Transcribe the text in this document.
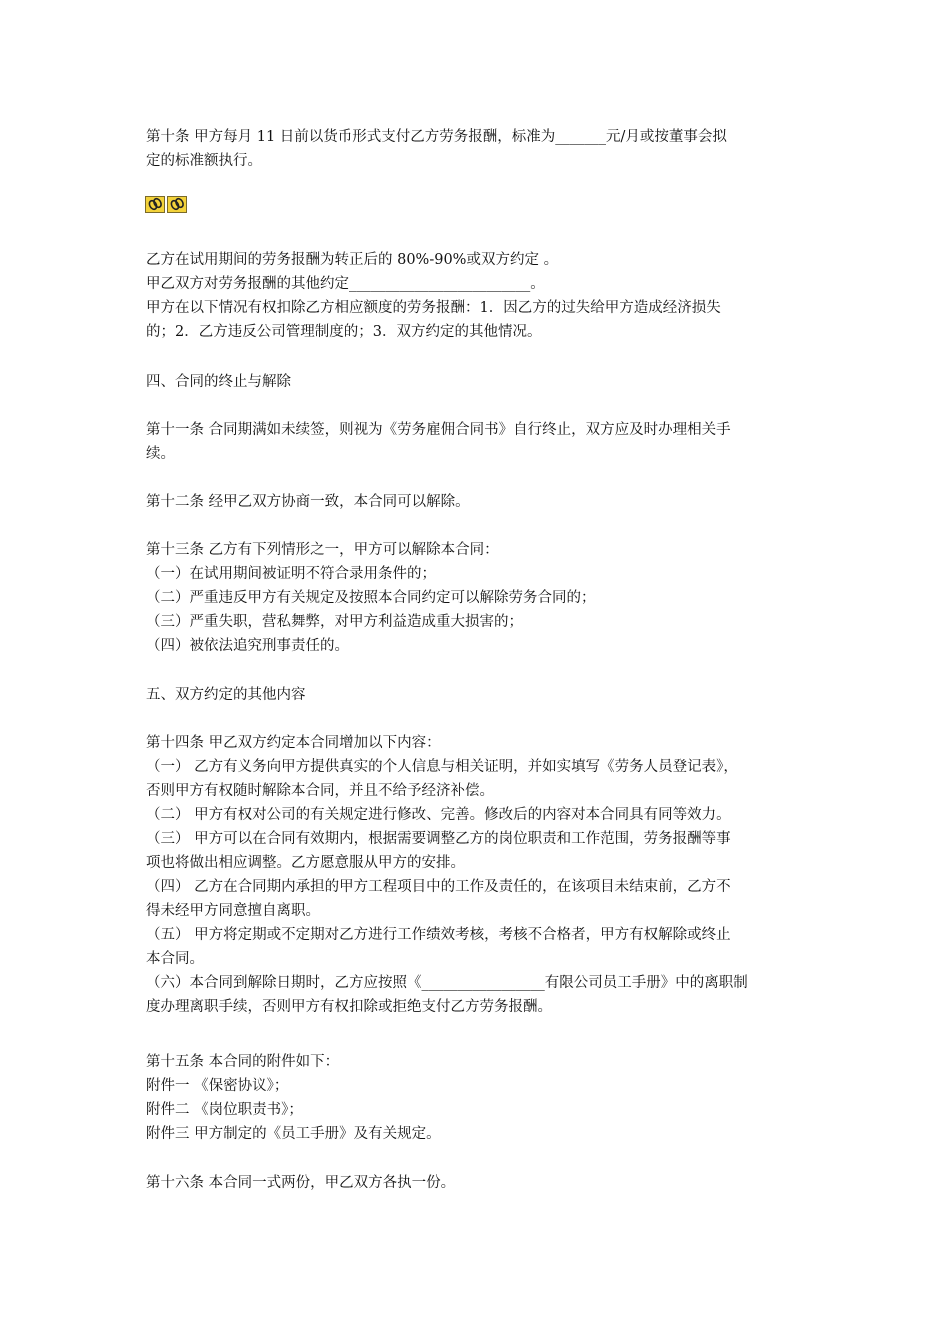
第十条 甲方每月 11 日前以货币形式支付乙方劳务报酬，标准为_______元/月或按董事会拟
定的标准额执行。
乙方在试用期间的劳务报酬为转正后的 80%-90%或双方约定 。
甲乙双方对劳务报酬的其他约定_________________________。
甲方在以下情况有权扣除乙方相应额度的劳务报酬：1．因乙方的过失给甲方造成经济损失
的；2．乙方违反公司管理制度的；3．双方约定的其他情况。
四、合同的终止与解除
第十一条 合同期满如未续签，则视为《劳务雇佣合同书》自行终止，双方应及时办理相关手
续。
第十二条 经甲乙双方协商一致，本合同可以解除。
第十三条 乙方有下列情形之一，甲方可以解除本合同：
（一）在试用期间被证明不符合录用条件的；
（二）严重违反甲方有关规定及按照本合同约定可以解除劳务合同的；
（三）严重失职，营私舞弊，对甲方利益造成重大损害的；
（四）被依法追究刑事责任的。
五、双方约定的其他内容
第十四条 甲乙双方约定本合同增加以下内容：
（一） 乙方有义务向甲方提供真实的个人信息与相关证明，并如实填写《劳务人员登记表》，
否则甲方有权随时解除本合同，并且不给予经济补偿。
（二） 甲方有权对公司的有关规定进行修改、完善。修改后的内容对本合同具有同等效力。
（三） 甲方可以在合同有效期内，根据需要调整乙方的岗位职责和工作范围，劳务报酬等事
项也将做出相应调整。乙方愿意服从甲方的安排。
（四） 乙方在合同期内承担的甲方工程项目中的工作及责任的，在该项目未结束前，乙方不
得未经甲方同意擅自离职。
（五） 甲方将定期或不定期对乙方进行工作绩效考核，考核不合格者，甲方有权解除或终止
本合同。
（六）本合同到解除日期时，乙方应按照《_________________有限公司员工手册》中的离职制
度办理离职手续，否则甲方有权扣除或拒绝支付乙方劳务报酬。
第十五条 本合同的附件如下：
附件一 《保密协议》；
附件二 《岗位职责书》；
附件三 甲方制定的《员工手册》及有关规定。
第十六条 本合同一式两份，甲乙双方各执一份。
